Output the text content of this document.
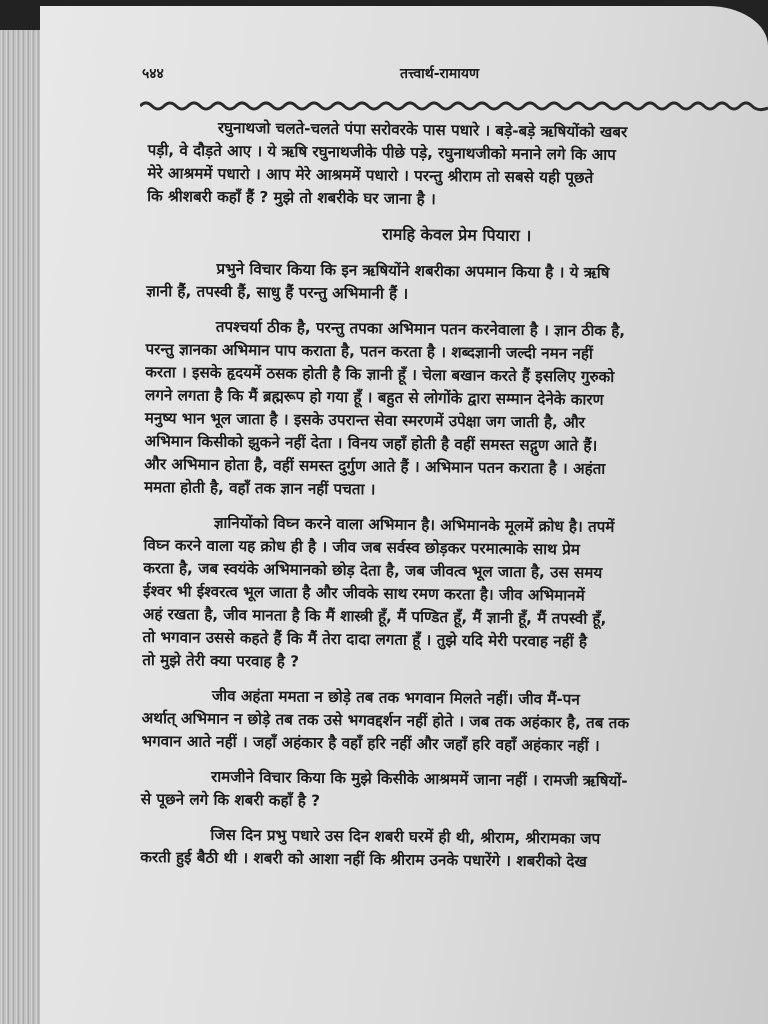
५४४	तत्त्वार्थ-रामायण

रघुनाथजो चलते-चलते पंपा सरोवरके पास पधारे । बड़े-बड़े ऋषियोंको खबर
पड़ी, वे दौड़ते आए । ये ऋषि रघुनाथजीके पीछे पड़े, रघुनाथजीको मनाने लगे कि आप
मेरे आश्रममें पधारो । आप मेरे आश्रममें पधारो । परन्तु श्रीराम तो सबसे यही पूछते
कि श्रीशबरी कहाँ हैं ? मुझे तो शबरीके घर जाना है ।

रामहि केवल प्रेम पियारा ।

प्रभुने विचार किया कि इन ऋषियोंने शबरीका अपमान किया है । ये ऋषि
ज्ञानी हैं, तपस्वी हैं, साधु हैं परन्तु अभिमानी हैं ।

तपश्चर्या ठीक है, परन्तु तपका अभिमान पतन करनेवाला है । ज्ञान ठीक है,
परन्तु ज्ञानका अभिमान पाप कराता है, पतन करता है । शब्दज्ञानी जल्दी नमन नहीं
करता । इसके हृदयमें ठसक होती है कि ज्ञानी हूँ । चेला बखान करते हैं इसलिए गुरुको
लगने लगता है कि मैं ब्रह्मरूप हो गया हूँ । बहुत से लोगोंके द्वारा सम्मान देनेके कारण
मनुष्य भान भूल जाता है । इसके उपरान्त सेवा स्मरणमें उपेक्षा जग जाती है, और
अभिमान किसीको झुकने नहीं देता । विनय जहाँ होती है वहीं समस्त सद्गुण आते हैं।
और अभिमान होता है, वहीं समस्त दुर्गुण आते हैं । अभिमान पतन कराता है । अहंता
ममता होती है, वहाँ तक ज्ञान नहीं पचता ।

ज्ञानियोंको विघ्न करने वाला अभिमान है। अभिमानके मूलमें क्रोध है। तपमें
विघ्न करने वाला यह क्रोध ही है । जीव जब सर्वस्व छोड़कर परमात्माके साथ प्रेम
करता है, जब स्वयंके अभिमानको छोड़ देता है, जब जीवत्व भूल जाता है, उस समय
ईश्वर भी ईश्वरत्व भूल जाता है और जीवके साथ रमण करता है। जीव अभिमानमें
अहं रखता है, जीव मानता है कि मैं शास्त्री हूँ, मैं पण्डित हूँ, मैं ज्ञानी हूँ, मैं तपस्वी हूँ,
तो भगवान उससे कहते हैं कि मैं तेरा दादा लगता हूँ । तुझे यदि मेरी परवाह नहीं है
तो मुझे तेरी क्या परवाह है ?

जीव अहंता ममता न छोड़े तब तक भगवान मिलते नहीं। जीव मैं-पन
अर्थात् अभिमान न छोड़े तब तक उसे भगवद्दर्शन नहीं होते । जब तक अहंकार है, तब तक
भगवान आते नहीं । जहाँ अहंकार है वहाँ हरि नहीं और जहाँ हरि वहाँ अहंकार नहीं ।

रामजीने विचार किया कि मुझे किसीके आश्रममें जाना नहीं । रामजी ऋषियों-
से पूछने लगे कि शबरी कहाँ है ?

जिस दिन प्रभु पधारे उस दिन शबरी घरमें ही थी, श्रीराम, श्रीरामका जप
करती हुई बैठी थी । शबरी को आशा नहीं कि श्रीराम उनके पधारेंगे । शबरीको देख
